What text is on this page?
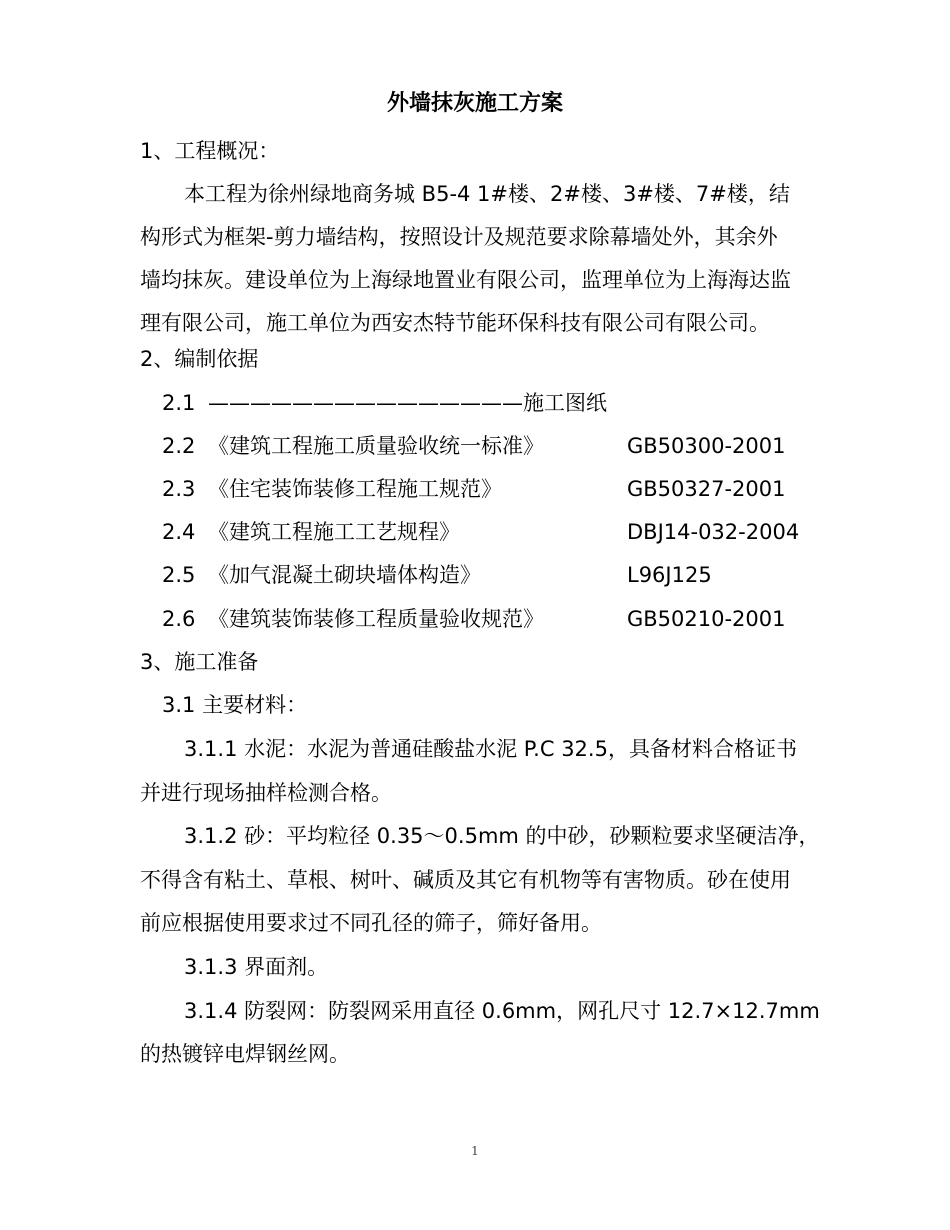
外墙抹灰施工方案
1、工程概况：
本工程为徐州绿地商务城 B5-4 1#楼、2#楼、3#楼、7#楼，结
构形式为框架-剪力墙结构，按照设计及规范要求除幕墙处外，其余外
墙均抹灰。建设单位为上海绿地置业有限公司，监理单位为上海海达监
理有限公司，施工单位为西安杰特节能环保科技有限公司有限公司。
2、编制依据
2.1 ———————————————施工图纸
2.2 《建筑工程施工质量验收统一标准》	GB50300-2001
2.3 《住宅装饰装修工程施工规范》	GB50327-2001
2.4 《建筑工程施工工艺规程》	DBJ14-032-2004
2.5 《加气混凝土砌块墙体构造》	L96J125
2.6 《建筑装饰装修工程质量验收规范》	GB50210-2001
3、施工准备
3.1 主要材料：
3.1.1 水泥：水泥为普通硅酸盐水泥 P.C 32.5，具备材料合格证书
并进行现场抽样检测合格。
3.1.2 砂：平均粒径 0.35～0.5mm 的中砂，砂颗粒要求坚硬洁净，
不得含有粘土、草根、树叶、碱质及其它有机物等有害物质。砂在使用
前应根据使用要求过不同孔径的筛子，筛好备用。
3.1.3 界面剂。
3.1.4 防裂网：防裂网采用直径 0.6mm，网孔尺寸 12.7×12.7mm
的热镀锌电焊钢丝网。
1
